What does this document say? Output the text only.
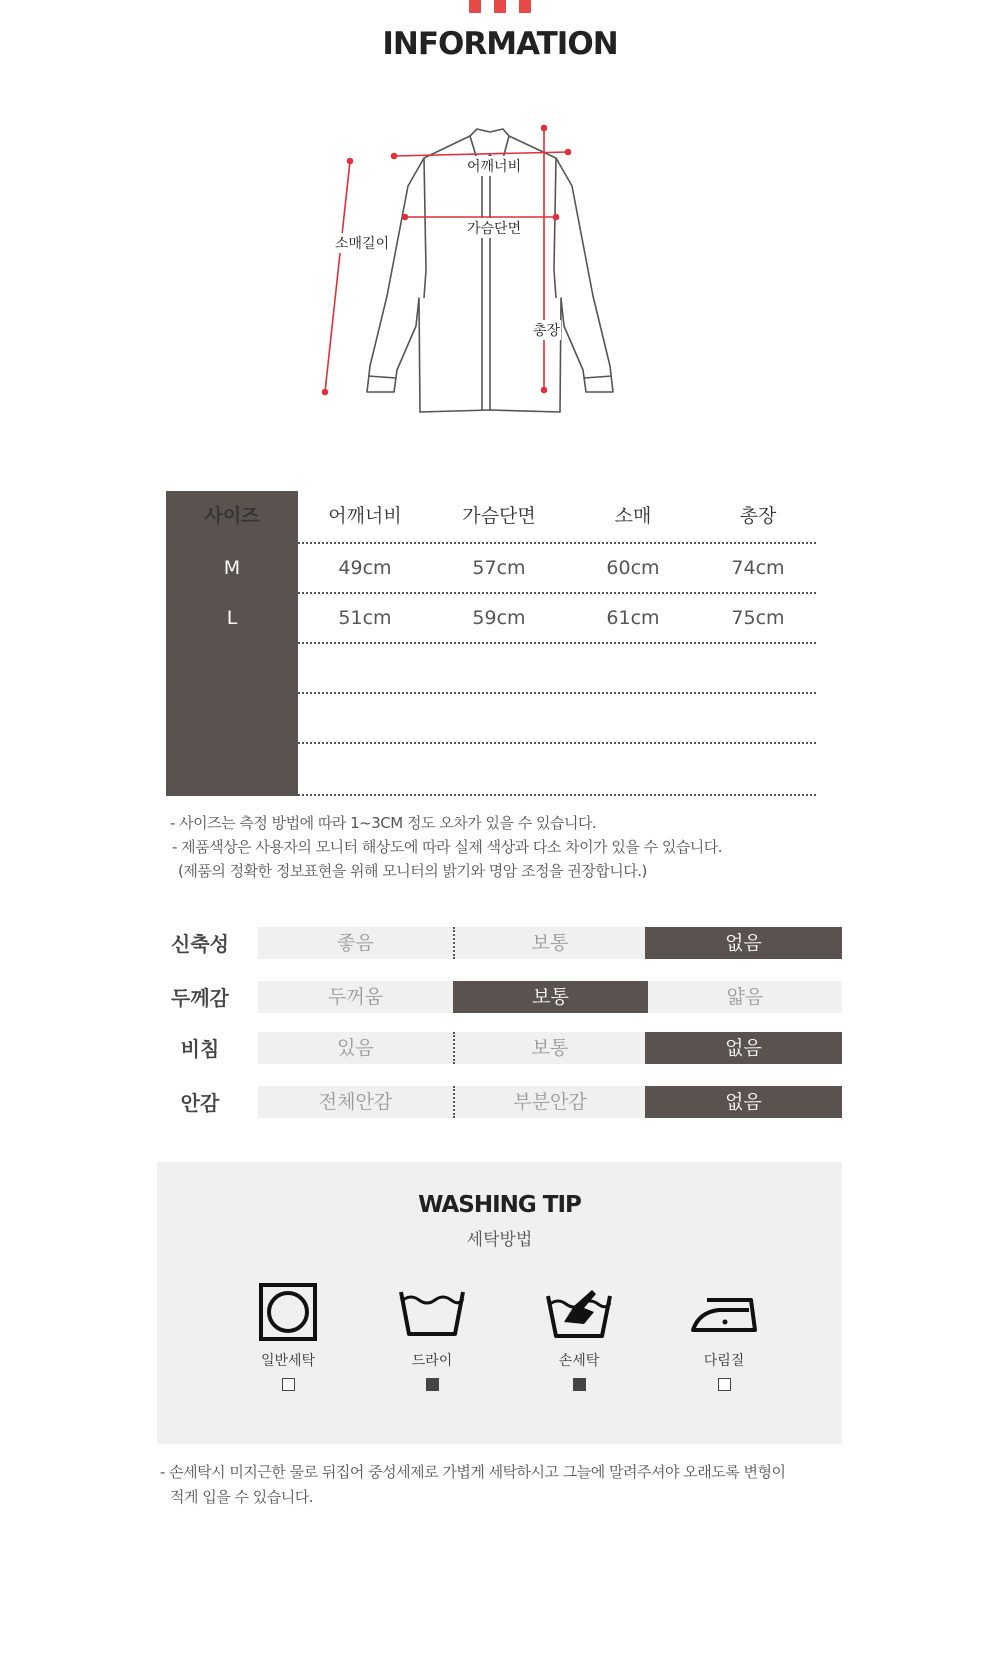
INFORMATION
어깨너비
가슴단면
소매길이
총장
사이즈	어깨너비	가슴단면	소매	총장
M	49cm	57cm	60cm	74cm
L	51cm	59cm	61cm	75cm
- 사이즈는 측정 방법에 따라 1~3CM 정도 오차가 있을 수 있습니다.
- 제품색상은 사용자의 모니터 해상도에 따라 실제 색상과 다소 차이가 있을 수 있습니다.
(제품의 정확한 정보표현을 위해 모니터의 밝기와 명암 조정을 권장합니다.)
신축성	좋음	보통	없음
두께감	두꺼움	보통	얇음
비침	있음	보통	없음
안감	전체안감	부분안감	없음
WASHING TIP
세탁방법
일반세탁	드라이	손세탁	다림질
- 손세탁시 미지근한 물로 뒤집어 중성세제로 가볍게 세탁하시고 그늘에 말려주셔야 오래도록 변형이
적게 입을 수 있습니다.
